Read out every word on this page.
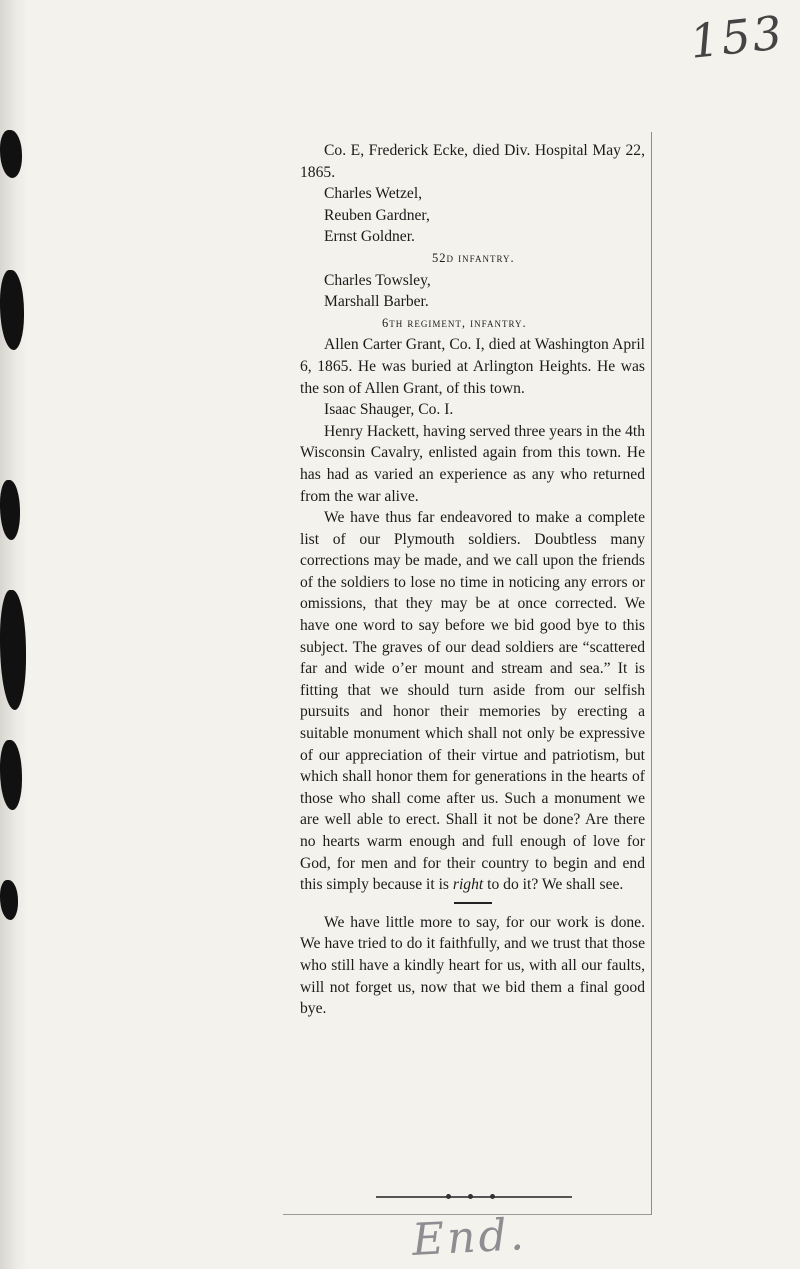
153

Co. E, Frederick Ecke, died Div. Hospital May 22, 1865.

Charles Wetzel,

Reuben Gardner,

Ernst Goldner.

52d infantry.

Charles Towsley,

Marshall Barber.

6th regiment, infantry.

Allen Carter Grant, Co. I, died at Washington April 6, 1865. He was buried at Arlington Heights. He was the son of Allen Grant, of this town.

Isaac Shauger, Co. I.

Henry Hackett, having served three years in the 4th Wisconsin Cavalry, enlisted again from this town. He has had as varied an experience as any who returned from the war alive.

We have thus far endeavored to make a complete list of our Plymouth soldiers. Doubtless many corrections may be made, and we call upon the friends of the soldiers to lose no time in noticing any errors or omissions, that they may be at once corrected. We have one word to say before we bid good bye to this subject. The graves of our dead soldiers are “scattered far and wide o’er mount and stream and sea.” It is fitting that we should turn aside from our selfish pursuits and honor their memories by erecting a suitable monument which shall not only be expressive of our appreciation of their virtue and patriotism, but which shall honor them for generations in the hearts of those who shall come after us. Such a monument we are well able to erect. Shall it not be done? Are there no hearts warm enough and full enough of love for God, for men and for their country to begin and end this simply because it is right to do it? We shall see.

We have little more to say, for our work is done. We have tried to do it faithfully, and we trust that those who still have a kindly heart for us, with all our faults, will not forget us, now that we bid them a final good bye.

End.
